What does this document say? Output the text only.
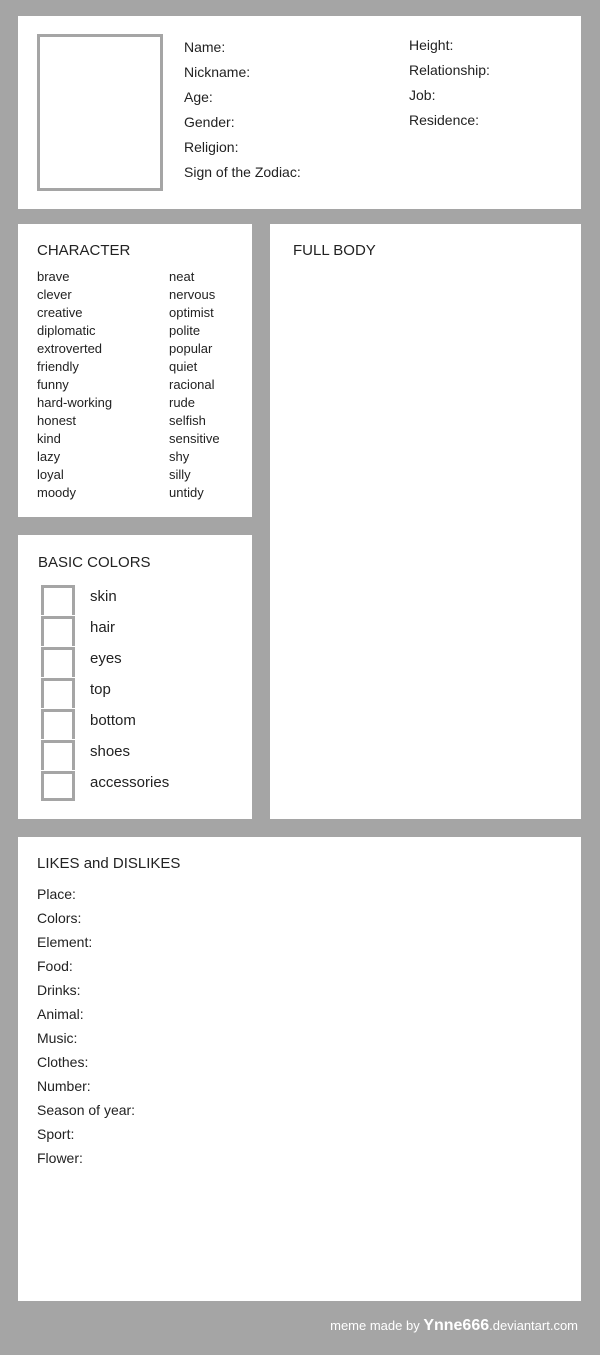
Name:
Nickname:
Age:
Gender:
Religion:
Sign of the Zodiac:
Height:
Relationship:
Job:
Residence:
CHARACTER
brave
clever
creative
diplomatic
extroverted
friendly
funny
hard-working
honest
kind
lazy
loyal
moody
neat
nervous
optimist
polite
popular
quiet
racional
rude
selfish
sensitive
shy
silly
untidy
BASIC COLORS
skin
hair
eyes
top
bottom
shoes
accessories
FULL BODY
LIKES and DISLIKES
Place:
Colors:
Element:
Food:
Drinks:
Animal:
Music:
Clothes:
Number:
Season of year:
Sport:
Flower:
meme made by Ynne666.deviantart.com
